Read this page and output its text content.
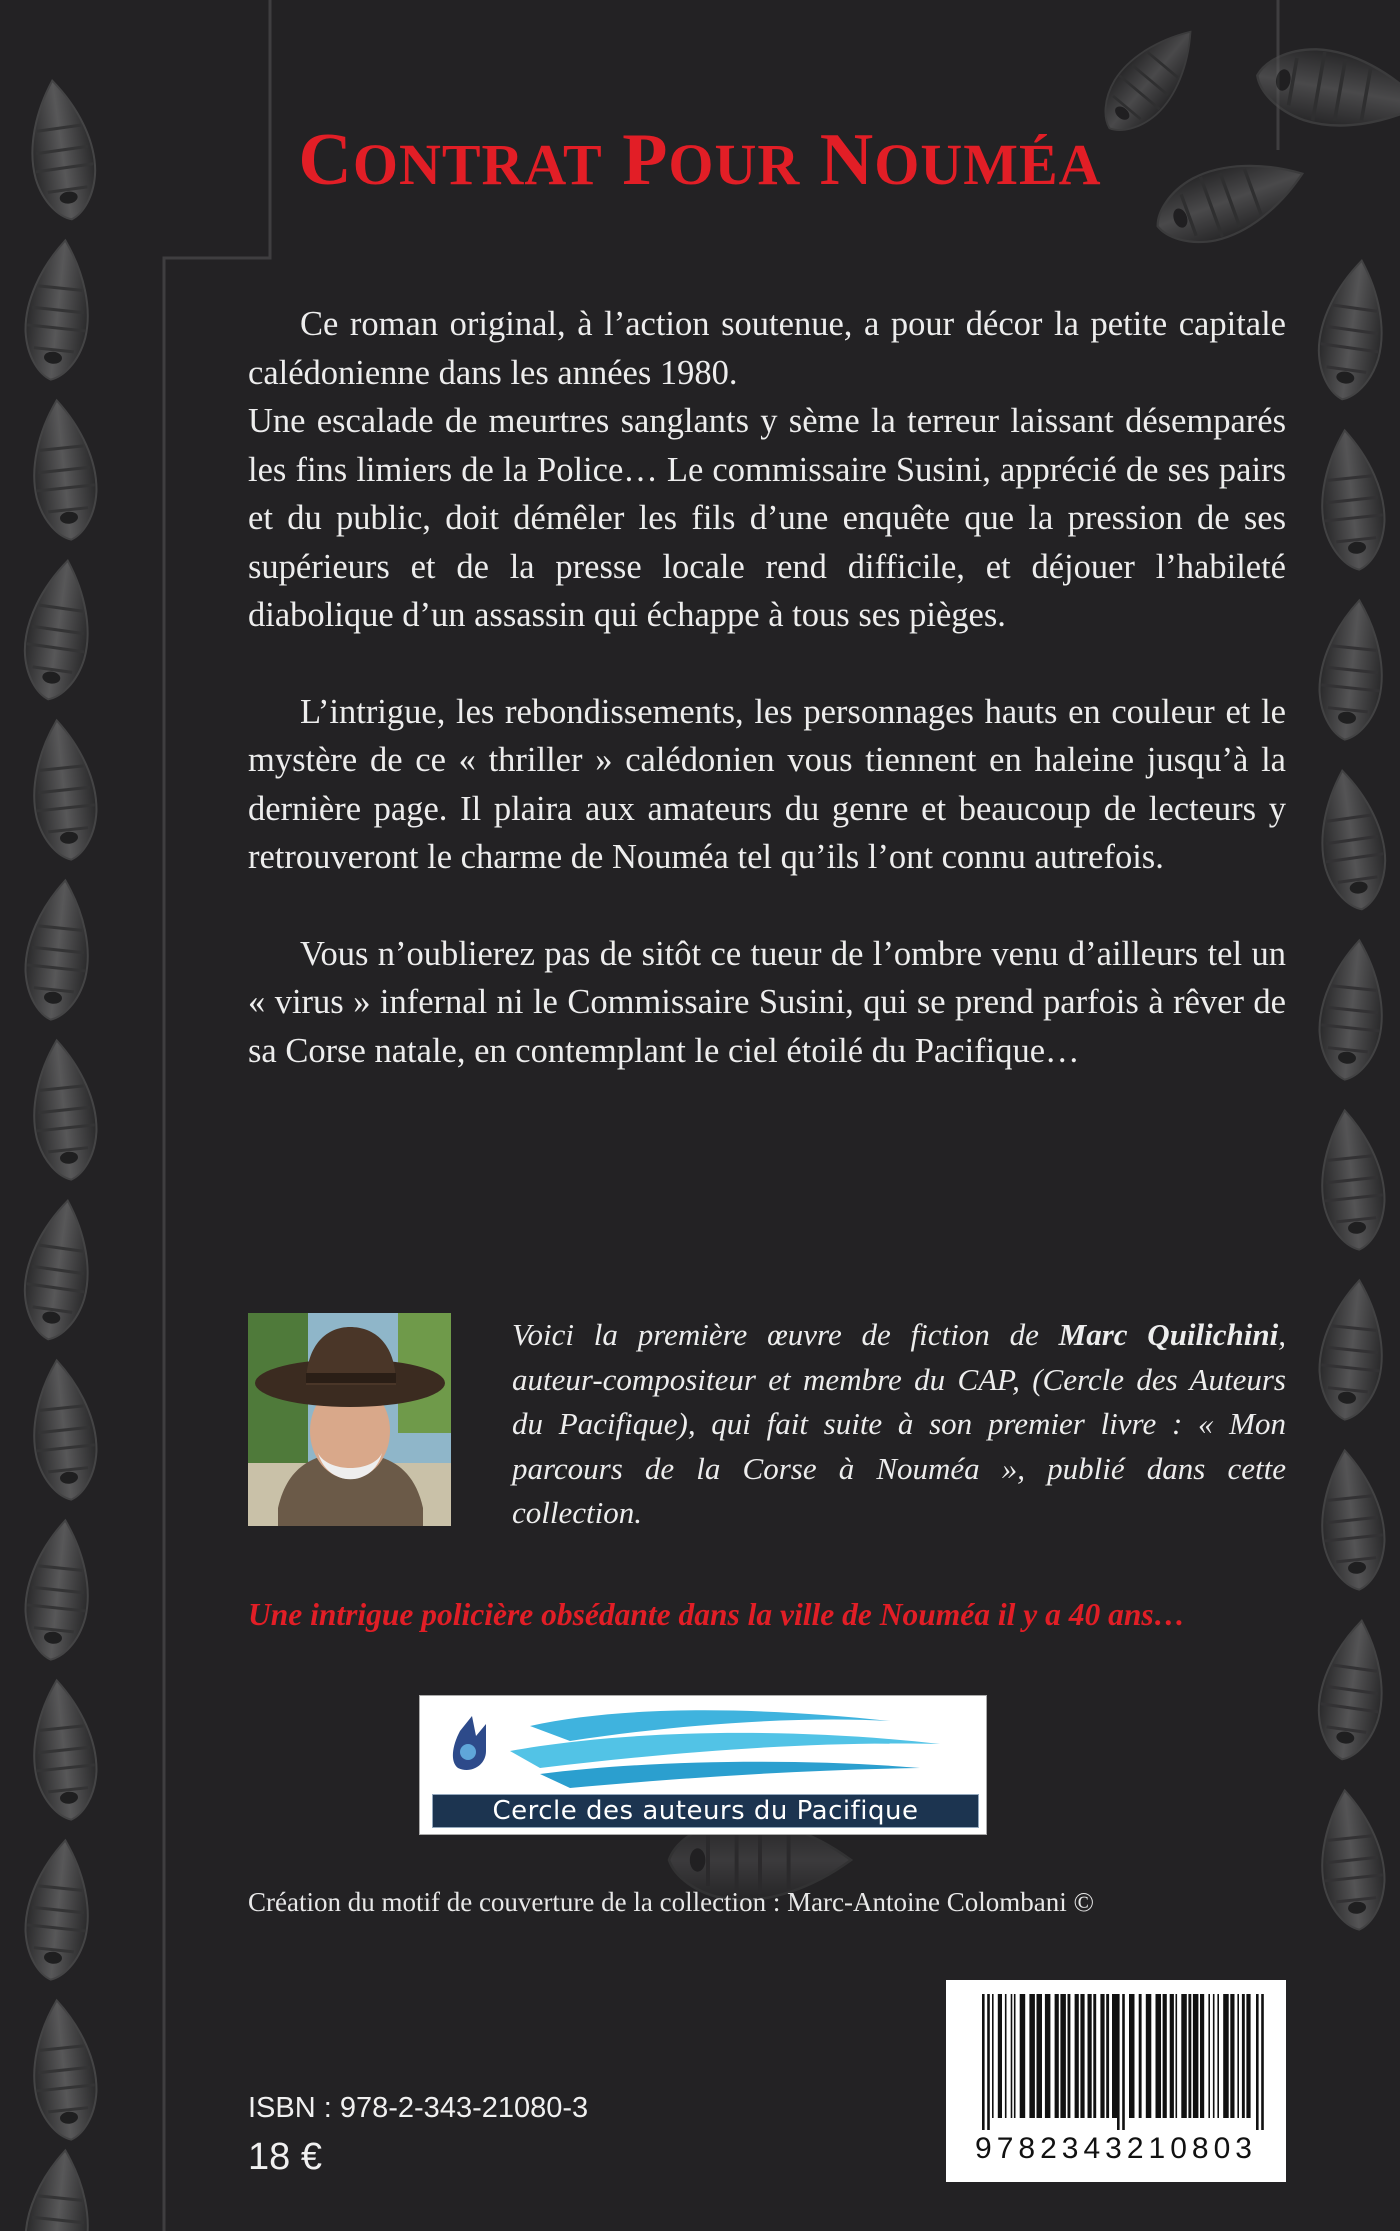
CONTRAT POUR NOUMÉA

Ce roman original, à l’action soutenue, a pour décor la petite capitale calédonienne dans les années 1980.

Une escalade de meurtres sanglants y sème la terreur laissant désemparés les fins limiers de la Police… Le commissaire Susini, apprécié de ses pairs et du public, doit démêler les fils d’une enquête que la pression de ses supérieurs et de la presse locale rend difficile, et déjouer l’habileté diabolique d’un assassin qui échappe à tous ses pièges.

L’intrigue, les rebondissements, les personnages hauts en couleur et le mystère de ce « thriller » calédonien vous tiennent en haleine jusqu’à la dernière page. Il plaira aux amateurs du genre et beaucoup de lecteurs y retrouveront le charme de Nouméa tel qu’ils l’ont connu autrefois.

Vous n’oublierez pas de sitôt ce tueur de l’ombre venu d’ailleurs tel un « virus » infernal ni le Commissaire Susini, qui se prend parfois à rêver de sa Corse natale, en contemplant le ciel étoilé du Pacifique…

Voici la première œuvre de fiction de Marc Quilichini, auteur-compositeur et membre du CAP, (Cercle des Auteurs du Pacifique), qui fait suite à son premier livre : « Mon parcours de la Corse à Nouméa », publié dans cette collection.

Une intrigue policière obsédante dans la ville de Nouméa il y a 40 ans…

Cercle des auteurs du Pacifique

Création du motif de couverture de la collection : Marc-Antoine Colombani ©

ISBN : 978-2-343-21080-3

18 €	9782343210803
